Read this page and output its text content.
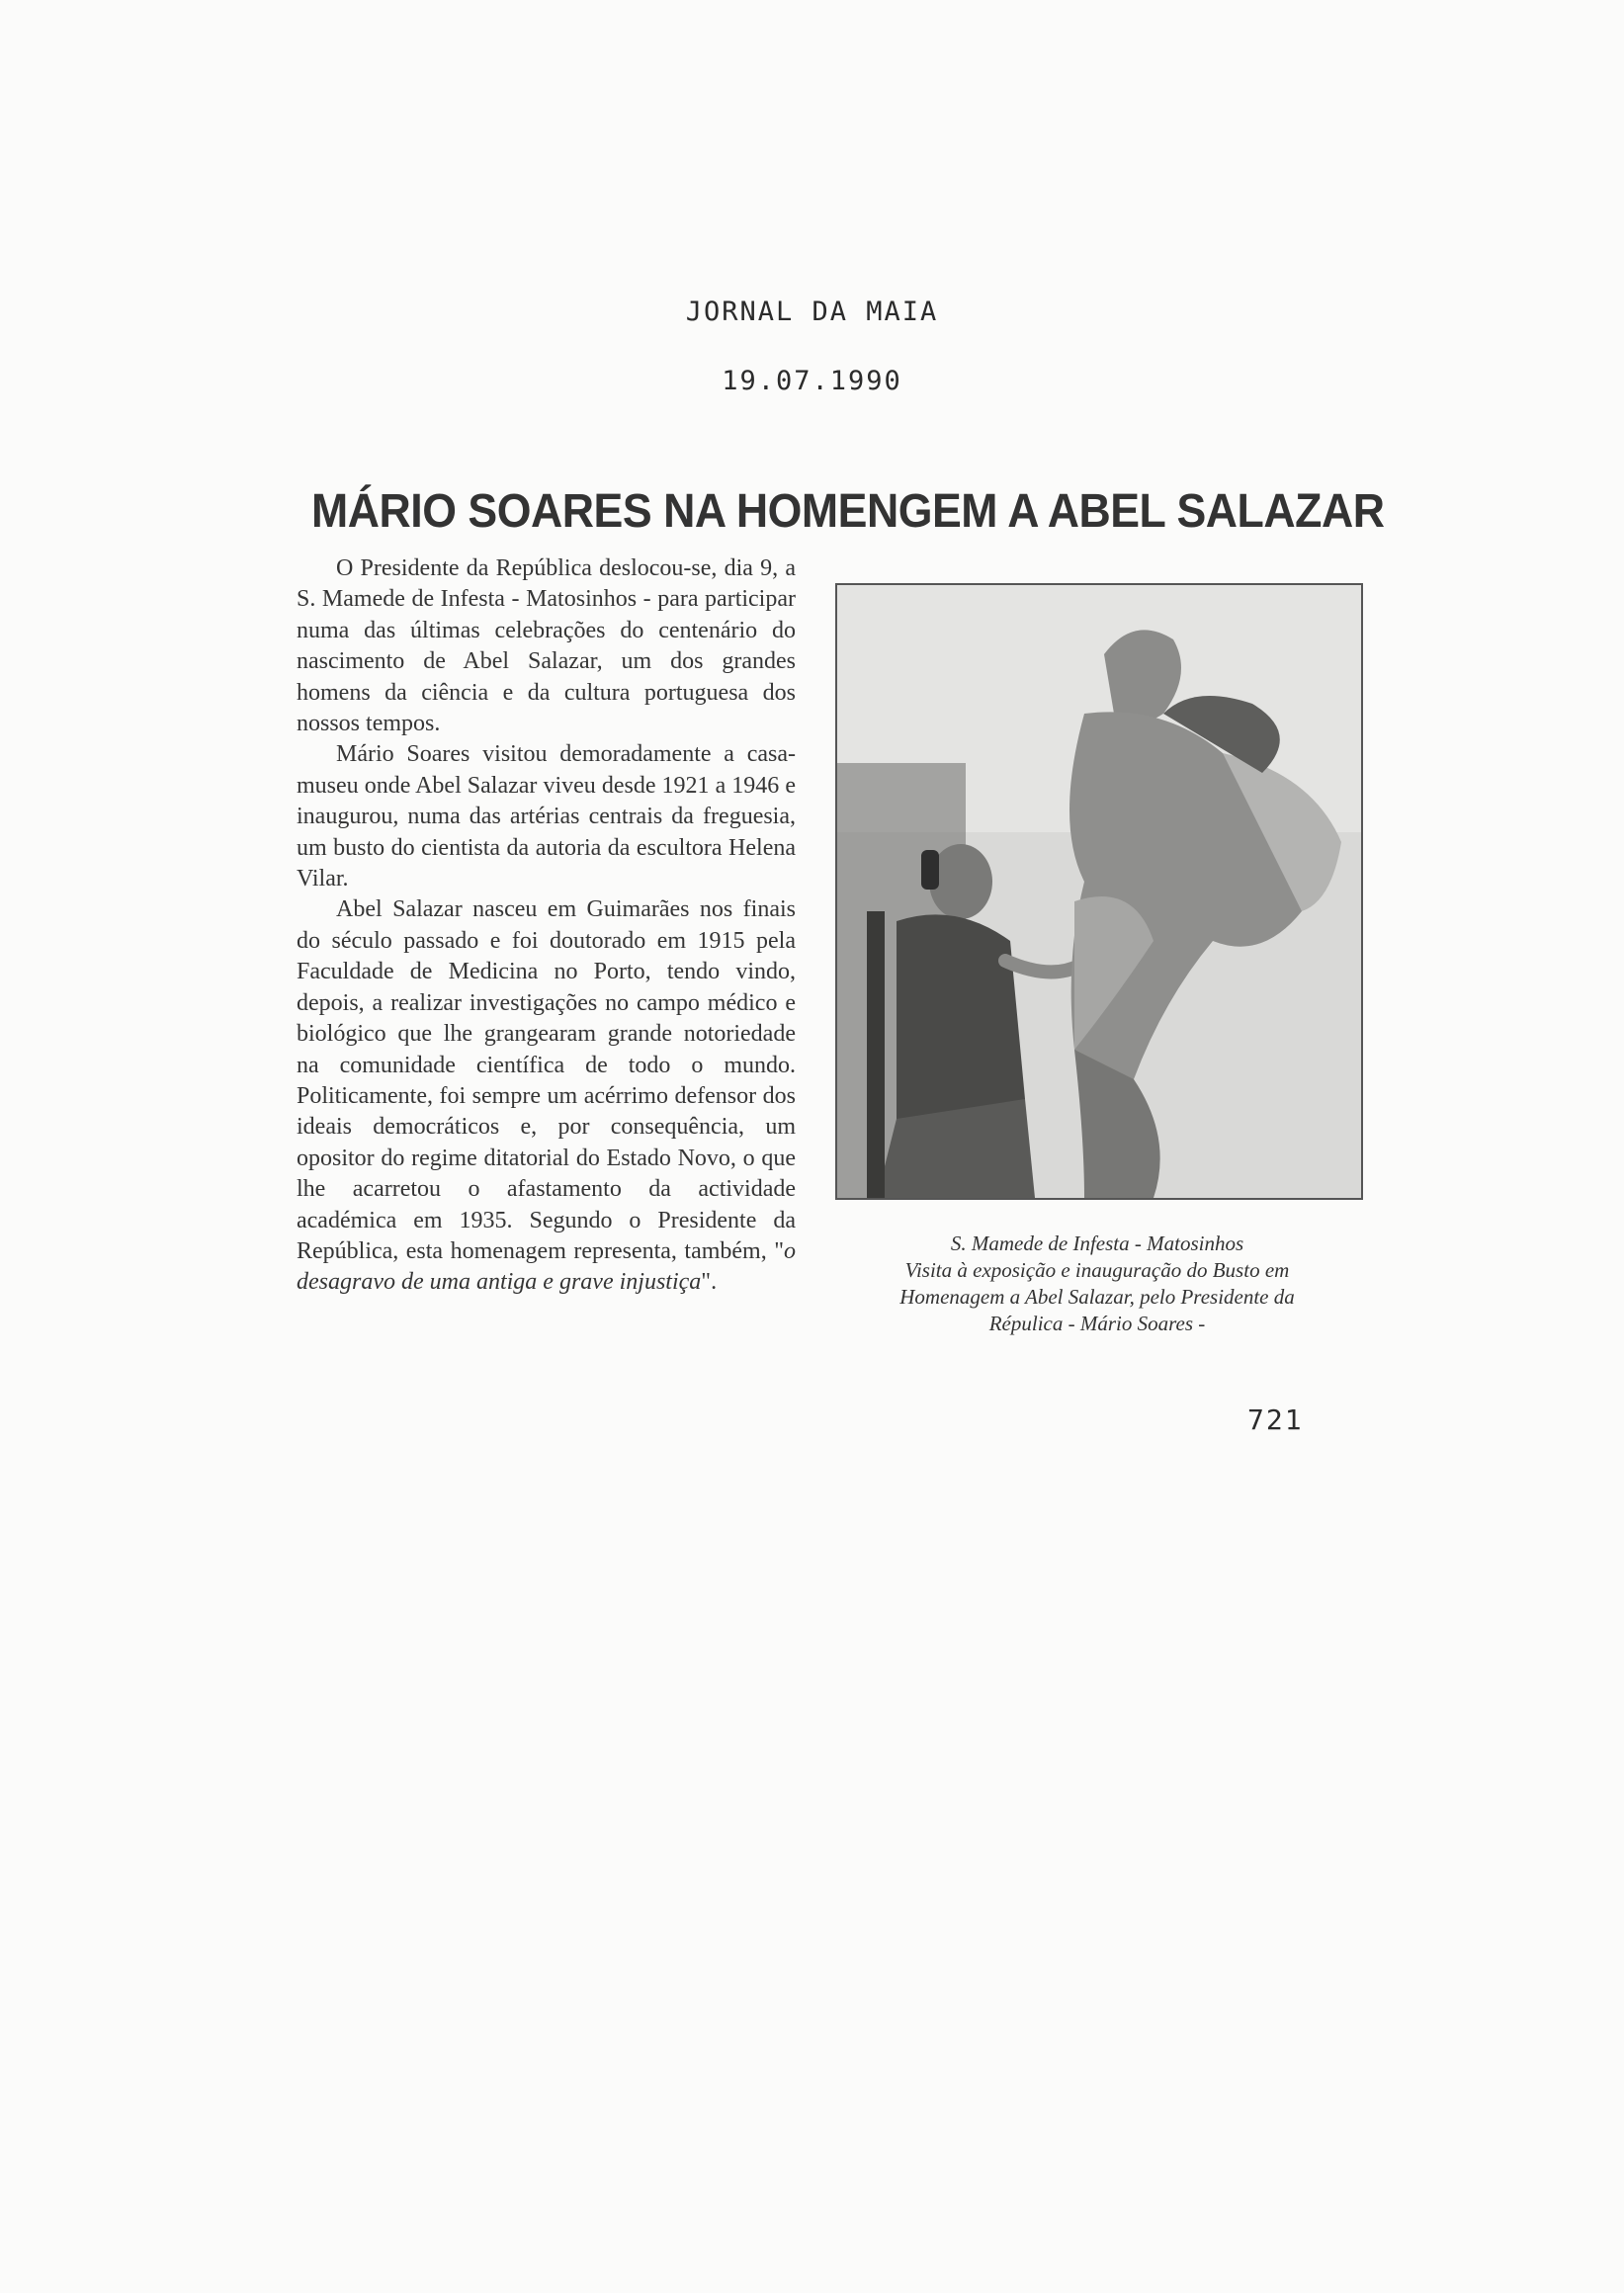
JORNAL DA MAIA
19.07.1990
MÁRIO SOARES NA HOMENGEM A ABEL SALAZAR

O Presidente da República deslocou-se, dia 9, a S. Mamede de Infesta - Matosinhos - para participar numa das últimas celebrações do centenário do nascimento de Abel Salazar, um dos grandes homens da ciência e da cultura portuguesa dos nossos tempos.

Mário Soares visitou demoradamente a casa-museu onde Abel Salazar viveu desde 1921 a 1946 e inaugurou, numa das artérias centrais da freguesia, um busto do cientista da autoria da escultora Helena Vilar.

Abel Salazar nasceu em Guimarães nos finais do século passado e foi doutorado em 1915 pela Faculdade de Medicina no Porto, tendo vindo, depois, a realizar investigações no campo médico e biológico que lhe grangearam grande notoriedade na comunidade científica de todo o mundo. Politicamente, foi sempre um acérrimo defensor dos ideais democráticos e, por consequência, um opositor do regime ditatorial do Estado Novo, o que lhe acarretou o afastamento da actividade académica em 1935. Segundo o Presidente da República, esta homenagem representa, também, "o desagravo de uma antiga e grave injustiça".

S. Mamede de Infesta - Matosinhos
Visita à exposição e inauguração do Busto em
Homenagem a Abel Salazar, pelo Presidente da
Répulica - Mário Soares -
721
